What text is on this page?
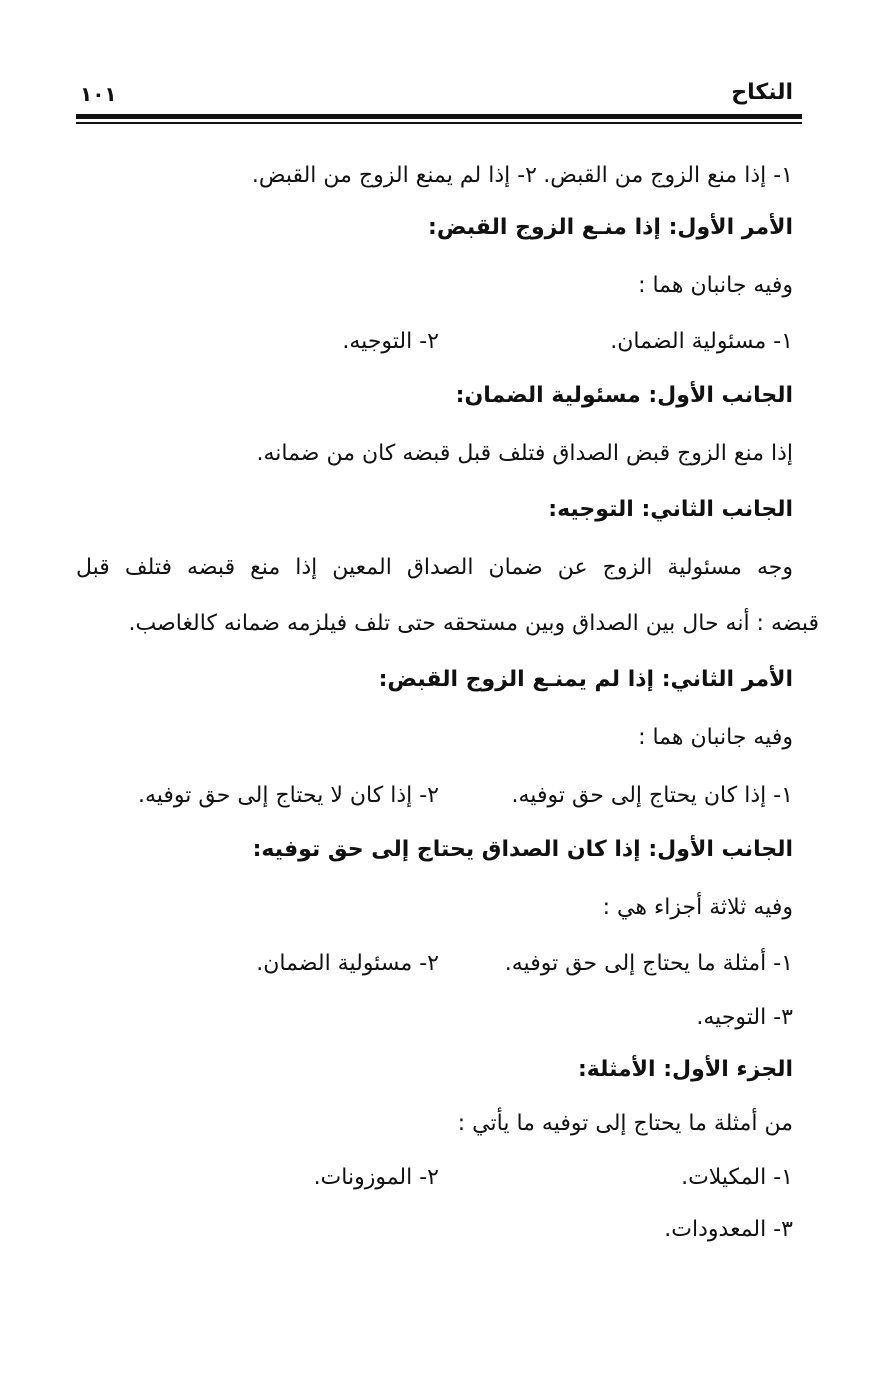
النكاح
١٠١
١- إذا منع الزوج من القبض.
٢- إذا لم يمنع الزوج من القبض.
الأمر الأول: إذا منـع الزوج القبض:
وفيه جانبان هما :
١- مسئولية الضمان.
٢- التوجيه.
الجانب الأول: مسئولية الضمان:
إذا منع الزوج قبض الصداق فتلف قبل قبضه كان من ضمانه.
الجانب الثاني: التوجيه:
وجه مسئولية الزوج عن ضمان الصداق المعين إذا منع قبضه فتلف قبل
قبضه : أنه حال بين الصداق وبين مستحقه حتى تلف فيلزمه ضمانه كالغاصب.
الأمر الثاني: إذا لم يمنـع الزوج القبض:
وفيه جانبان هما :
١- إذا كان يحتاج إلى حق توفيه.
٢- إذا كان لا يحتاج إلى حق توفيه.
الجانب الأول: إذا كان الصداق يحتاج إلى حق توفيه:
وفيه ثلاثة أجزاء هي :
١- أمثلة ما يحتاج إلى حق توفيه.
٢- مسئولية الضمان.
٣- التوجيه.
الجزء الأول: الأمثلة:
من أمثلة ما يحتاج إلى توفيه ما يأتي :
١- المكيلات.
٢- الموزونات.
٣- المعدودات.
